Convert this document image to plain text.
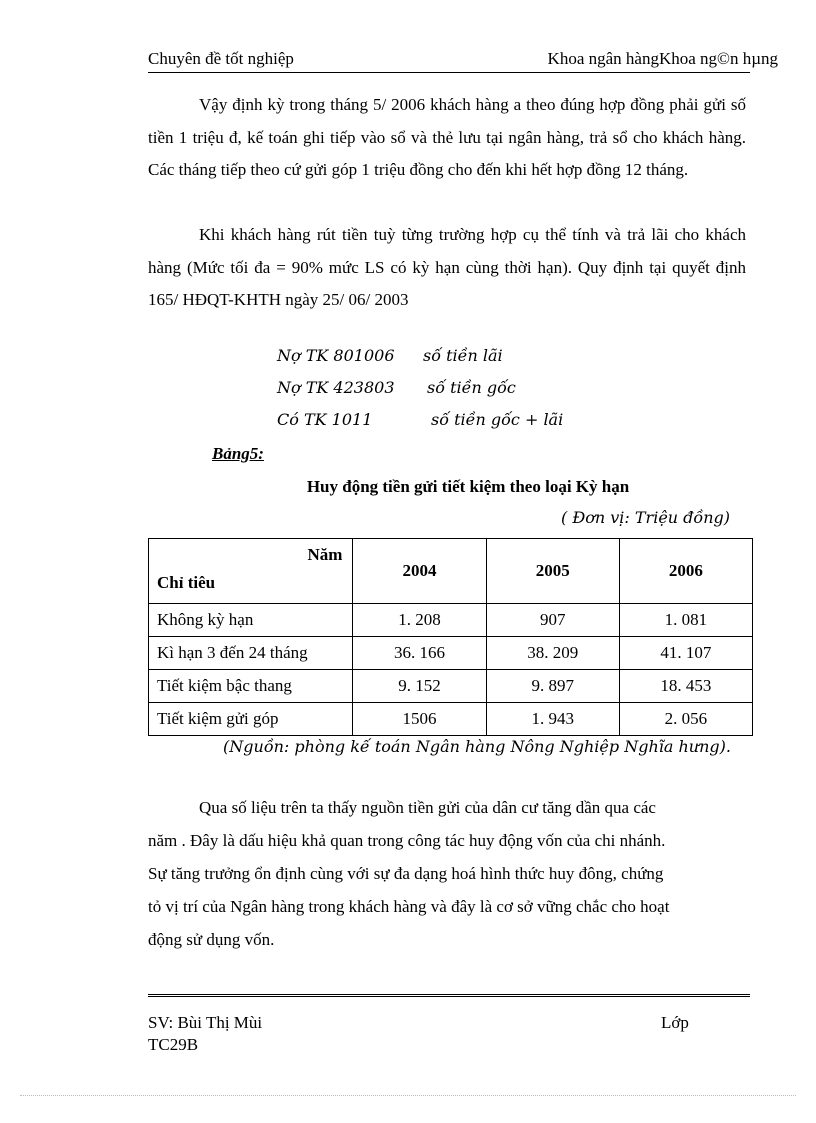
Chuyên đề tốt nghiệp	Khoa ngân hàngKhoa ng©n hµng

Vậy định kỳ trong tháng 5/ 2006 khách hàng a theo đúng hợp đồng phải gửi số tiền 1 triệu đ, kế toán ghi tiếp vào sổ và thẻ lưu tại ngân hàng, trả sổ cho khách hàng. Các tháng tiếp theo cứ gửi góp 1 triệu đồng cho đến khi hết hợp đồng 12 tháng.

Khi khách hàng rút tiền tuỳ từng trường hợp cụ thể tính và trả lãi cho khách hàng (Mức tối đa = 90% mức LS có kỳ hạn cùng thời hạn). Quy định tại quyết định 165/ HĐQT-KHTH ngày 25/ 06/ 2003

Nợ TK 801006 số tiền lãi
Nợ TK 423803 số tiền gốc
Có TK 1011	số tiền gốc + lãi
Bảng5:
Huy động tiền gửi tiết kiệm theo loại Kỳ hạn
( Đơn vị: Triệu đồng)
Năm
Chỉ tiêu	2004	2005	2006
Không kỳ hạn	1. 208	907	1. 081
Kì hạn 3 đến 24 tháng	36. 166	38. 209	41. 107
Tiết kiệm bậc thang	9. 152	9. 897	18. 453
Tiết kiệm gửi góp	1506	1. 943	2. 056
(Nguồn: phòng kế toán Ngân hàng Nông Nghiệp Nghĩa hưng).
Qua số liệu trên ta thấy nguồn tiền gửi của dân cư tăng dần qua các
năm . Đây là dấu hiệu khả quan trong công tác huy động vốn của chi nhánh.
Sự tăng trưởng ổn định cùng với sự đa dạng hoá hình thức huy đông, chứng
tỏ vị trí của Ngân hàng trong khách hàng và đây là cơ sở vững chắc cho hoạt
động sử dụng vốn.
SV: Bùi Thị Mùi
TC29B
Lớp
